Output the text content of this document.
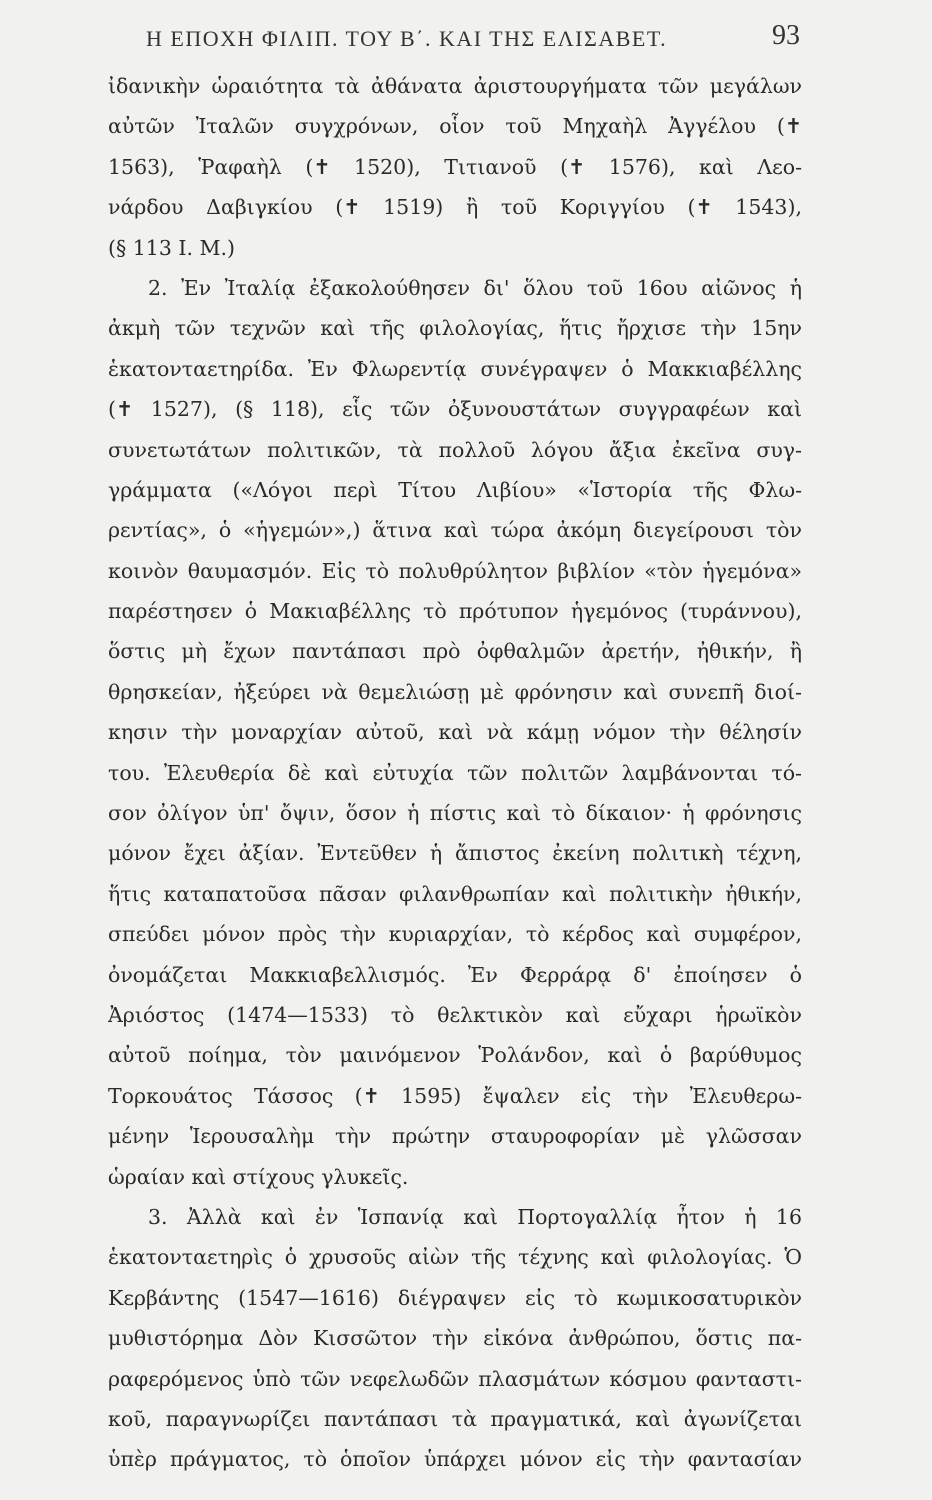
Η ΕΠΟΧΗ ΦΙΛΙΠ. ΤΟΥ Β΄. ΚΑΙ ΤΗΣ ΕΛΙΣΑΒΕΤ.	93
ἰδανικὴν ὡραιότητα τὰ ἀθάνατα ἀριστουργήματα τῶν μεγάλων
αὐτῶν Ἰταλῶν συγχρόνων, οἷον τοῦ Μηχαὴλ Ἀγγέλου (✝
1563), Ῥαφαὴλ (✝ 1520), Τιτιανοῦ (✝ 1576), καὶ Λεο-
νάρδου Δαβιγκίου (✝ 1519) ἢ τοῦ Κοριγγίου (✝ 1543),
(§ 113 I. M.)
2. Ἐν Ἰταλίᾳ ἐξακολούθησεν δι' ὅλου τοῦ 16ου αἰῶνος ἡ
ἀκμὴ τῶν τεχνῶν καὶ τῆς φιλολογίας, ἥτις ἤρχισε τὴν 15ην
ἑκατονταετηρίδα. Ἐν Φλωρεντίᾳ συνέγραψεν ὁ Μακκιαβέλλης
(✝ 1527), (§ 118), εἷς τῶν ὀξυνουστάτων συγγραφέων καὶ
συνετωτάτων πολιτικῶν, τὰ πολλοῦ λόγου ἄξια ἐκεῖνα συγ-
γράμματα («Λόγοι περὶ Τίτου Λιβίου» «Ἱστορία τῆς Φλω-
ρεντίας», ὁ «ἡγεμών»,) ἅτινα καὶ τώρα ἀκόμη διεγείρουσι τὸν
κοινὸν θαυμασμόν. Εἰς τὸ πολυθρύλητον βιβλίον «τὸν ἡγεμόνα»
παρέστησεν ὁ Μακιαβέλλης τὸ πρότυπον ἡγεμόνος (τυράννου),
ὅστις μὴ ἔχων παντάπασι πρὸ ὀφθαλμῶν ἀρετήν, ἠθικήν, ἢ
θρησκείαν, ἠξεύρει νὰ θεμελιώσῃ μὲ φρόνησιν καὶ συνεπῆ διοί-
κησιν τὴν μοναρχίαν αὐτοῦ, καὶ νὰ κάμῃ νόμον τὴν θέλησίν
του. Ἐλευθερία δὲ καὶ εὐτυχία τῶν πολιτῶν λαμβάνονται τό-
σον ὀλίγον ὑπ' ὄψιν, ὅσον ἡ πίστις καὶ τὸ δίκαιον· ἡ φρόνησις
μόνον ἔχει ἀξίαν. Ἐντεῦθεν ἡ ἄπιστος ἐκείνη πολιτικὴ τέχνη,
ἥτις καταπατοῦσα πᾶσαν φιλανθρωπίαν καὶ πολιτικὴν ἠθικήν,
σπεύδει μόνον πρὸς τὴν κυριαρχίαν, τὸ κέρδος καὶ συμφέρον,
ὀνομάζεται Μακκιαβελλισμός. Ἐν Φερράρᾳ δ' ἐποίησεν ὁ
Ἀριόστος (1474—1533) τὸ θελκτικὸν καὶ εὔχαρι ἡρωϊκὸν
αὐτοῦ ποίημα, τὸν μαινόμενον Ῥολάνδον, καὶ ὁ βαρύθυμος
Τορκουάτος Τάσσος (✝ 1595) ἔψαλεν εἰς τὴν Ἐλευθερω-
μένην Ἱερουσαλὴμ τὴν πρώτην σταυροφορίαν μὲ γλῶσσαν
ὡραίαν καὶ στίχους γλυκεῖς.
3. Ἀλλὰ καὶ ἐν Ἱσπανίᾳ καὶ Πορτογαλλίᾳ ἦτον ἡ 16
ἑκατονταετηρὶς ὁ χρυσοῦς αἰὼν τῆς τέχνης καὶ φιλολογίας. Ὁ
Κερβάντης (1547—1616) διέγραψεν εἰς τὸ κωμικοσατυρικὸν
μυθιστόρημα Δὸν Κισσῶτον τὴν εἰκόνα ἀνθρώπου, ὅστις πα-
ραφερόμενος ὑπὸ τῶν νεφελωδῶν πλασμάτων κόσμου φανταστι-
κοῦ, παραγνωρίζει παντάπασι τὰ πραγματικά, καὶ ἀγωνίζεται
ὑπὲρ πράγματος, τὸ ὁποῖον ὑπάρχει μόνον εἰς τὴν φαντασίαν
